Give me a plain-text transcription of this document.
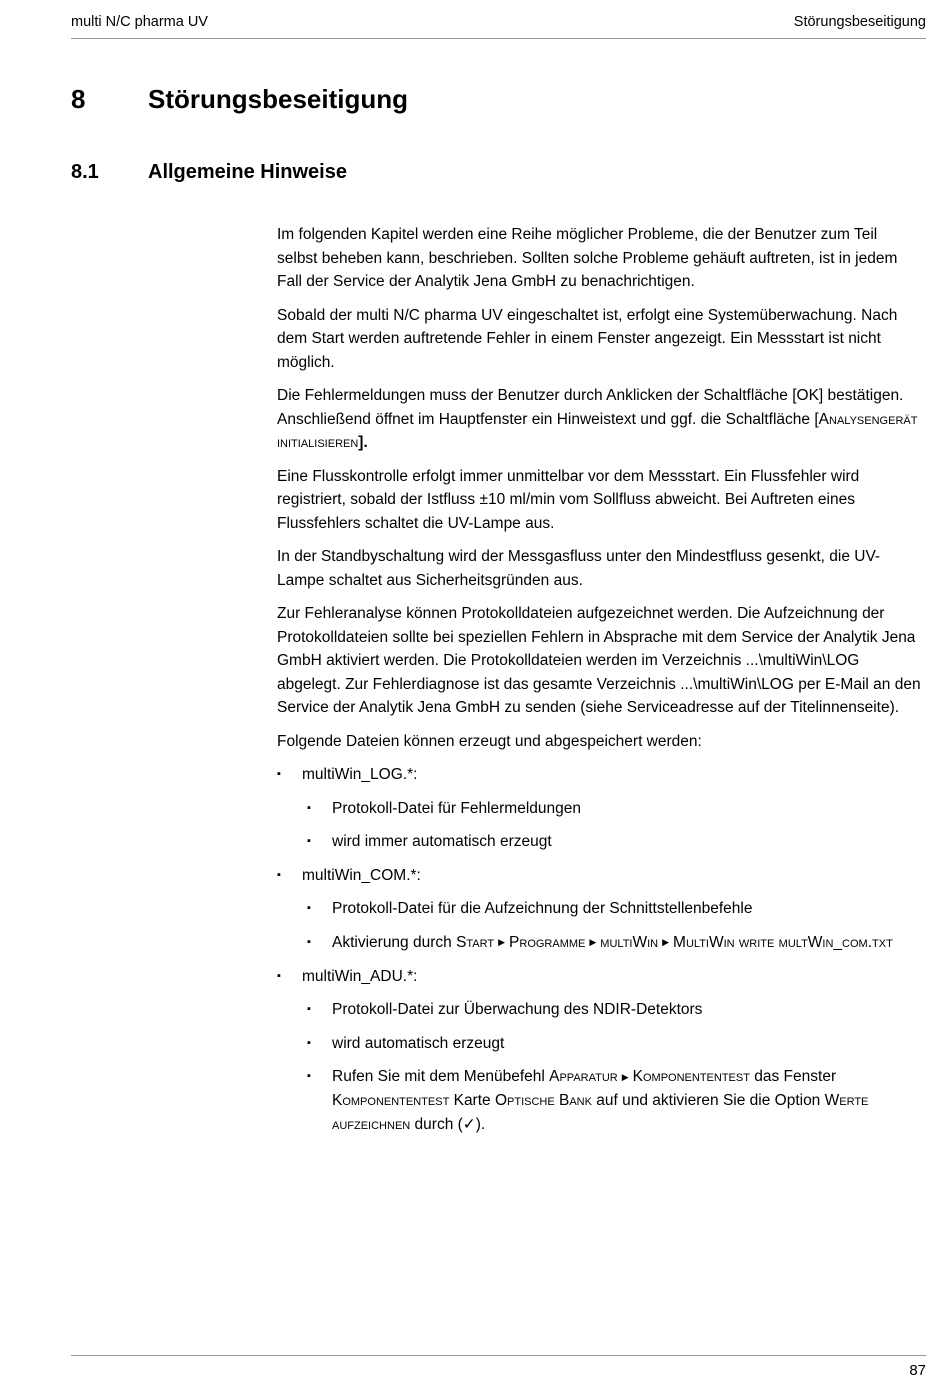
multi N/C pharma UV	Störungsbeseitigung
8	Störungsbeseitigung
8.1	Allgemeine Hinweise
Im folgenden Kapitel werden eine Reihe möglicher Probleme, die der Benutzer zum Teil selbst beheben kann, beschrieben. Sollten solche Probleme gehäuft auftreten, ist in jedem Fall der Service der Analytik Jena GmbH zu benachrichtigen.
Sobald der multi N/C pharma UV eingeschaltet ist, erfolgt eine Systemüberwachung. Nach dem Start werden auftretende Fehler in einem Fenster angezeigt. Ein Messstart ist nicht möglich.
Die Fehlermeldungen muss der Benutzer durch Anklicken der Schaltfläche [OK] bestätigen. Anschließend öffnet im Hauptfenster ein Hinweistext und ggf. die Schaltfläche [Analysengerät initialisieren].
Eine Flusskontrolle erfolgt immer unmittelbar vor dem Messstart. Ein Flussfehler wird registriert, sobald der Istfluss ±10 ml/min vom Sollfluss abweicht. Bei Auftreten eines Flussfehlers schaltet die UV-Lampe aus.
In der Standbyschaltung wird der Messgasfluss unter den Mindestfluss gesenkt, die UV-Lampe schaltet aus Sicherheitsgründen aus.
Zur Fehleranalyse können Protokolldateien aufgezeichnet werden. Die Aufzeichnung der Protokolldateien sollte bei speziellen Fehlern in Absprache mit dem Service der Analytik Jena GmbH aktiviert werden. Die Protokolldateien werden im Verzeichnis ...\multiWin\LOG abgelegt. Zur Fehlerdiagnose ist das gesamte Verzeichnis ...\multiWin\LOG per E-Mail an den Service der Analytik Jena GmbH zu senden (siehe Serviceadresse auf der Titelinnenseite).
Folgende Dateien können erzeugt und abgespeichert werden:
▪	multiWin_LOG.*:
▪	Protokoll-Datei für Fehlermeldungen
▪	wird immer automatisch erzeugt
▪	multiWin_COM.*:
▪	Protokoll-Datei für die Aufzeichnung der Schnittstellenbefehle
▪	Aktivierung durch Start ▶ Programme ▶ multiWin ▶ MultiWin write multWin_com.txt
▪	multiWin_ADU.*:
▪	Protokoll-Datei zur Überwachung des NDIR-Detektors
▪	wird automatisch erzeugt
▪	Rufen Sie mit dem Menübefehl Apparatur ▶ Komponententest das Fenster Komponententest Karte Optische Bank auf und aktivieren Sie die Option Werte aufzeichnen durch (✓).
87
